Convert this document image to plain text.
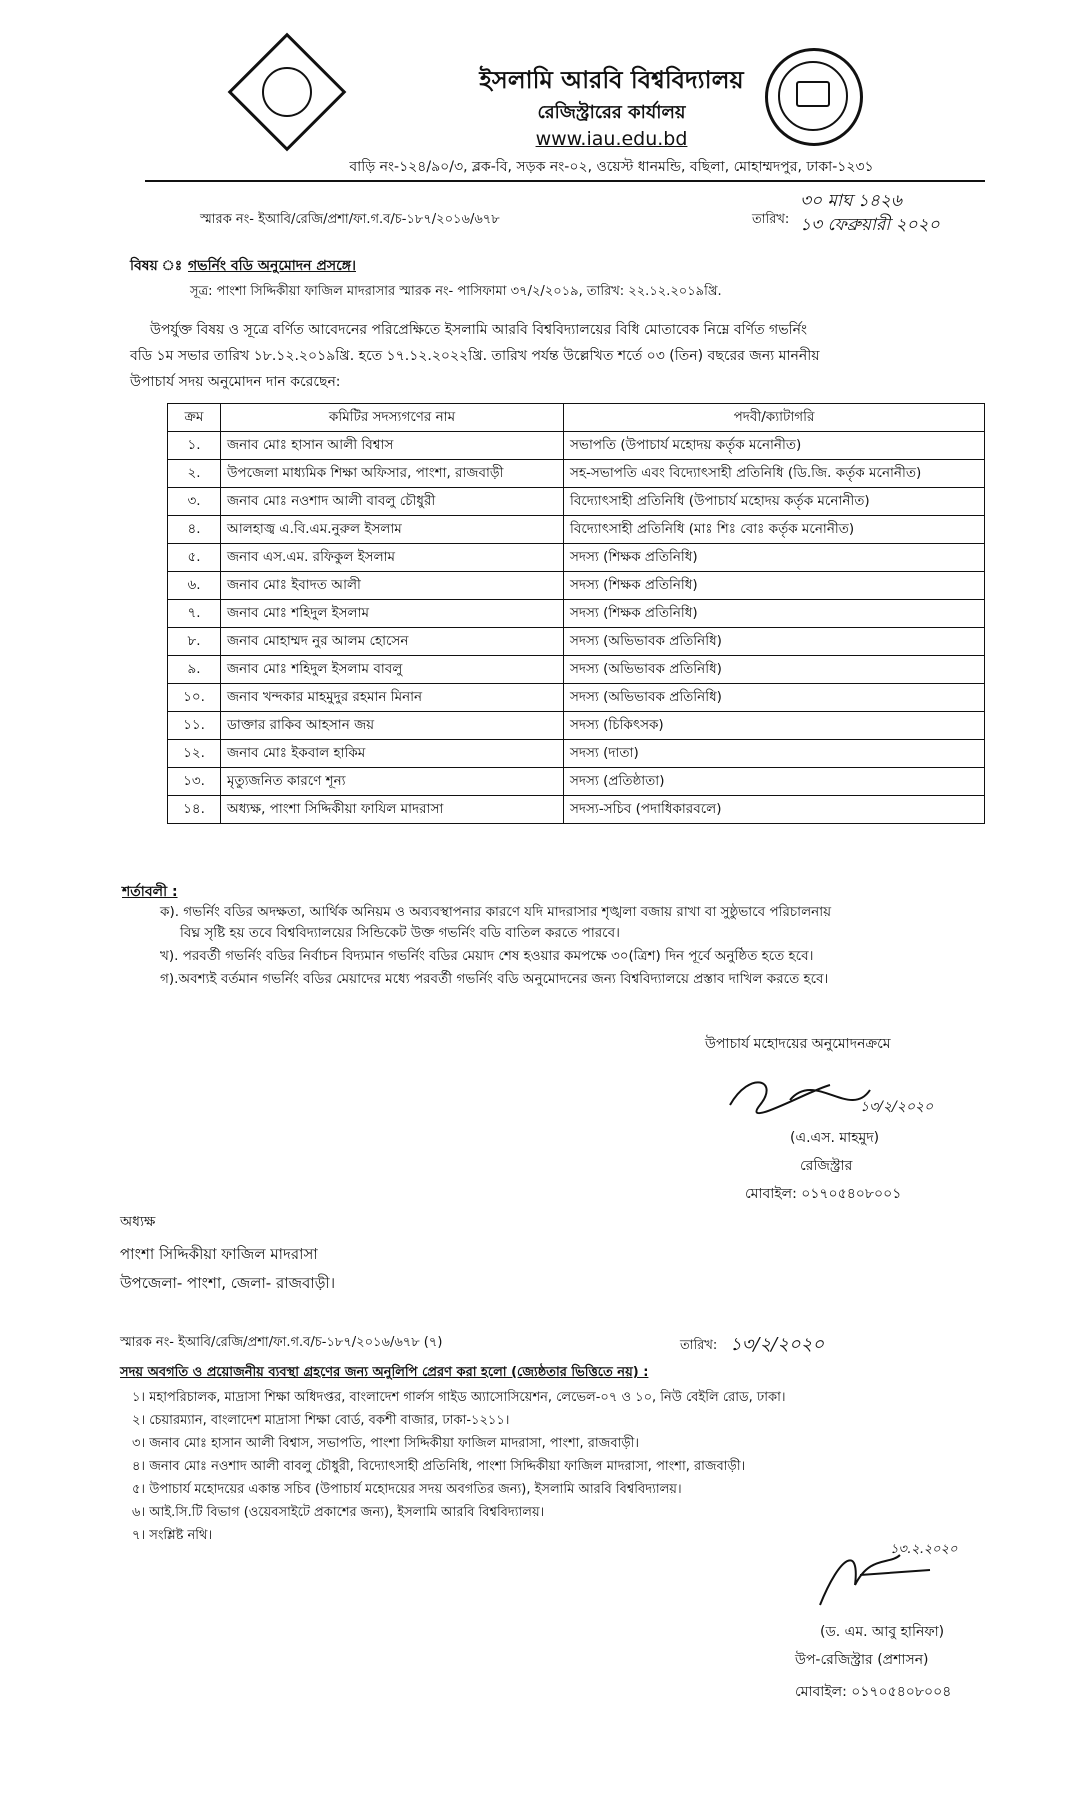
ইসলামি আরবি বিশ্ববিদ্যালয়
রেজিস্ট্রারের কার্যালয়
www.iau.edu.bd
বাড়ি নং-১২৪/৯০/৩, ব্লক-বি, সড়ক নং-০২, ওয়েস্ট ধানমন্ডি, বছিলা, মোহাম্মদপুর, ঢাকা-১২৩১
স্মারক নং- ইআবি/রেজি/প্রশা/ফা.গ.ব/চ-১৮৭/২০১৬/৬৭৮	তারিখ:
৩০ মাঘ ১৪২৬
১৩ ফেব্রুয়ারী ২০২০
বিষয় ঃ গভর্নিং বডি অনুমোদন প্রসঙ্গে।
সূত্র: পাংশা সিদ্দিকীয়া ফাজিল মাদরাসার স্মারক নং- পাসিফামা ৩৭/২/২০১৯, তারিখ: ২২.১২.২০১৯খ্রি.
উপর্যুক্ত বিষয় ও সূত্রে বর্ণিত আবেদনের পরিপ্রেক্ষিতে ইসলামি আরবি বিশ্ববিদ্যালয়ের বিধি মোতাবেক নিম্নে বর্ণিত গভর্নিং
বডি ১ম সভার তারিখ ১৮.১২.২০১৯খ্রি. হতে ১৭.১২.২০২২খ্রি. তারিখ পর্যন্ত উল্লেখিত শর্তে ০৩ (তিন) বছরের জন্য মাননীয়
উপাচার্য সদয় অনুমোদন দান করেছেন:
ক্রম	কমিটির সদস্যগণের নাম	পদবী/ক্যাটাগরি
১.	জনাব মোঃ হাসান আলী বিশ্বাস	সভাপতি (উপাচার্য মহোদয় কর্তৃক মনোনীত)
২.	উপজেলা মাধ্যমিক শিক্ষা অফিসার, পাংশা, রাজবাড়ী	সহ-সভাপতি এবং বিদ্যোৎসাহী প্রতিনিধি (ডি.জি. কর্তৃক মনোনীত)
৩.	জনাব মোঃ নওশাদ আলী বাবলু চৌধুরী	বিদ্যোৎসাহী প্রতিনিধি (উপাচার্য মহোদয় কর্তৃক মনোনীত)
৪.	আলহাজ্ব এ.বি.এম.নুরুল ইসলাম	বিদ্যোৎসাহী প্রতিনিধি (মাঃ শিঃ বোঃ কর্তৃক মনোনীত)
৫.	জনাব এস.এম. রফিকুল ইসলাম	সদস্য (শিক্ষক প্রতিনিধি)
৬.	জনাব মোঃ ইবাদত আলী	সদস্য (শিক্ষক প্রতিনিধি)
৭.	জনাব মোঃ শহিদুল ইসলাম	সদস্য (শিক্ষক প্রতিনিধি)
৮.	জনাব মোহাম্মদ নুর আলম হোসেন	সদস্য (অভিভাবক প্রতিনিধি)
৯.	জনাব মোঃ শহিদুল ইসলাম বাবলু	সদস্য (অভিভাবক প্রতিনিধি)
১০.	জনাব খন্দকার মাহমুদুর রহমান মিনান	সদস্য (অভিভাবক প্রতিনিধি)
১১.	ডাক্তার রাকিব আহসান জয়	সদস্য (চিকিৎসক)
১২.	জনাব মোঃ ইকবাল হাকিম	সদস্য (দাতা)
১৩.	মৃত্যুজনিত কারণে শূন্য	সদস্য (প্রতিষ্ঠাতা)
১৪.	অধ্যক্ষ, পাংশা সিদ্দিকীয়া ফাযিল মাদরাসা	সদস্য-সচিব (পদাধিকারবলে)
শর্তাবলী :
ক). গভর্নিং বডির অদক্ষতা, আর্থিক অনিয়ম ও অব্যবস্থাপনার কারণে যদি মাদরাসার শৃঙ্খলা বজায় রাখা বা সুষ্ঠুভাবে পরিচালনায়
বিঘ্ন সৃষ্টি হয় তবে বিশ্ববিদ্যালয়ের সিন্ডিকেট উক্ত গভর্নিং বডি বাতিল করতে পারবে।
খ). পরবর্তী গভর্নিং বডির নির্বাচন বিদ্যমান গভর্নিং বডির মেয়াদ শেষ হওয়ার কমপক্ষে ৩০(ত্রিশ) দিন পূর্বে অনুষ্ঠিত হতে হবে।
গ).অবশ্যই বর্তমান গভর্নিং বডির মেয়াদের মধ্যে পরবর্তী গভর্নিং বডি অনুমোদনের জন্য বিশ্ববিদ্যালয়ে প্রস্তাব দাখিল করতে হবে।
উপাচার্য মহোদয়ের অনুমোদনক্রমে
১৩/২/২০২০
(এ.এস. মাহমুদ)
রেজিস্ট্রার
মোবাইল: ০১৭০৫৪০৮০০১
অধ্যক্ষ
পাংশা সিদ্দিকীয়া ফাজিল মাদরাসা
উপজেলা- পাংশা, জেলা- রাজবাড়ী।
স্মারক নং- ইআবি/রেজি/প্রশা/ফা.গ.ব/চ-১৮৭/২০১৬/৬৭৮ (৭)	তারিখ: ১৩/২/২০২০
সদয় অবগতি ও প্রয়োজনীয় ব্যবস্থা গ্রহণের জন্য অনুলিপি প্রেরণ করা হলো (জ্যেষ্ঠতার ভিত্তিতে নয়) :
১। মহাপরিচালক, মাদ্রাসা শিক্ষা অধিদপ্তর, বাংলাদেশ গার্লস গাইড অ্যাসোসিয়েশন, লেভেল-০৭ ও ১০, নিউ বেইলি রোড, ঢাকা।
২। চেয়ারম্যান, বাংলাদেশ মাদ্রাসা শিক্ষা বোর্ড, বকশী বাজার, ঢাকা-১২১১।
৩। জনাব মোঃ হাসান আলী বিশ্বাস, সভাপতি, পাংশা সিদ্দিকীয়া ফাজিল মাদরাসা, পাংশা, রাজবাড়ী।
৪। জনাব মোঃ নওশাদ আলী বাবলু চৌধুরী, বিদ্যোৎসাহী প্রতিনিধি, পাংশা সিদ্দিকীয়া ফাজিল মাদরাসা, পাংশা, রাজবাড়ী।
৫। উপাচার্য মহোদয়ের একান্ত সচিব (উপাচার্য মহোদয়ের সদয় অবগতির জন্য), ইসলামি আরবি বিশ্ববিদ্যালয়।
৬। আই.সি.টি বিভাগ (ওয়েবসাইটে প্রকাশের জন্য), ইসলামি আরবি বিশ্ববিদ্যালয়।
৭। সংশ্লিষ্ট নথি।
১৩.২.২০২০
(ড. এম. আবু হানিফা)
উপ-রেজিস্ট্রার (প্রশাসন)
মোবাইল: ০১৭০৫৪০৮০০৪
